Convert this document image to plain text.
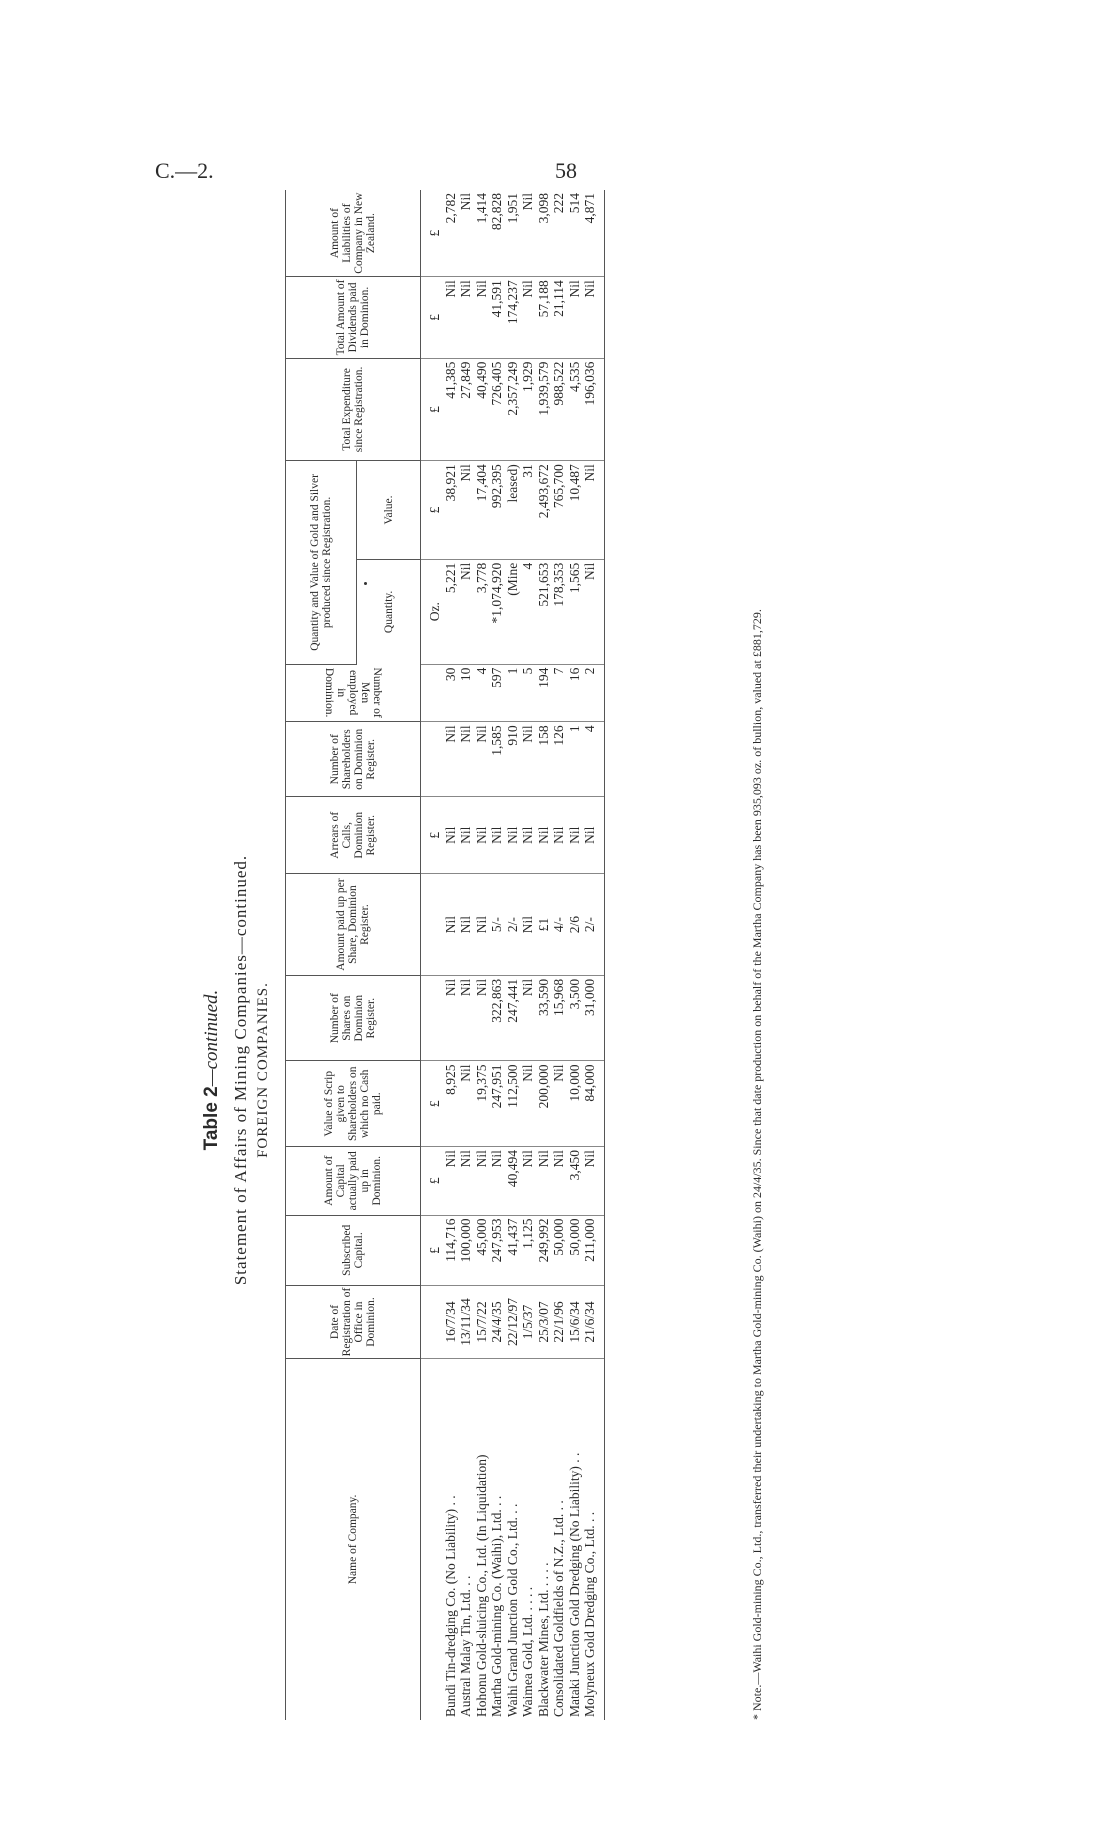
C.—2.	58
Table 2—continued. Statement of Affairs of Mining Companies—continued. FOREIGN COMPANIES.
Name of Company.	Date of Registration of Office in Dominion.	Subscribed Capital.	Amount of Capital actually paid up in Dominion.	Value of Scrip given to Shareholders on which no Cash paid.	Number of Shares on Dominion Register.	Amount paid up per Share, Dominion Register.	Arrears of Calls, Dominion Register.	Number of Shareholders on Dominion Register.	Number of Men employed in Dominion.	Quantity and Value of Gold and Silver produced since Registration.		Total Expenditure since Registration.	Total Amount of Dividends paid in Dominion.	Amount of Liabilities of Company in New Zealand.
										Quantity.	Value.			
		£	£	£			£			Oz.	£	£	£	£
Bundi Tin-dredging Co. (No Liability) . .	16/7/34	114,716	Nil	8,925	Nil	Nil	Nil	Nil	30	5,221	38,921	41,385	Nil	2,782
Austral Malay Tin, Ltd. . .	13/11/34	100,000	Nil	Nil	Nil	Nil	Nil	Nil	10	Nil	Nil	27,849	Nil	Nil
Hohonu Gold-sluicing Co., Ltd. (In Liquidation)	15/7/22	45,000	Nil	19,375	Nil	Nil	Nil	Nil	4	3,778	17,404	40,490	Nil	1,414
Martha Gold-mining Co. (Waihi), Ltd. . .	24/4/35	247,953	Nil	247,951	322,863	5/-	Nil	1,585	597	*1,074,920	992,395	726,405	41,591	82,828
Waihi Grand Junction Gold Co., Ltd. . .	22/12/97	41,437	40,494	112,500	247,441	2/-	Nil	910	1	(Mine	leased)	2,357,249	174,237	1,951
Waimea Gold, Ltd. . . . .	1/5/37	1,125	Nil	Nil	Nil	Nil	Nil	Nil	5	4	31	1,929	Nil	Nil
Blackwater Mines, Ltd. . . . .	25/3/07	249,992	Nil	200,000	33,590	£1	Nil	158	194	521,653	2,493,672	1,939,579	57,188	3,098
Consolidated Goldfields of N.Z., Ltd. . .	22/1/96	50,000	Nil	Nil	15,968	4/-	Nil	126	7	178,353	765,700	988,522	21,114	222
Mataki Junction Gold Dredging (No Liability) . .	15/6/34	50,000	3,450	10,000	3,500	2/6	Nil	1	16	1,565	10,487	4,535	Nil	514
Molyneux Gold Dredging Co., Ltd. . .	21/6/34	211,000	Nil	84,000	31,000	2/-	Nil	4	2	Nil	Nil	196,036	Nil	4,871
* Note.—Waihi Gold-mining Co., Ltd., transferred their undertaking to Martha Gold-mining Co. (Waihi) on 24/4/35. Since that date production on behalf of the Martha Company has been 935,093 oz. of bullion, valued at £881,729.
